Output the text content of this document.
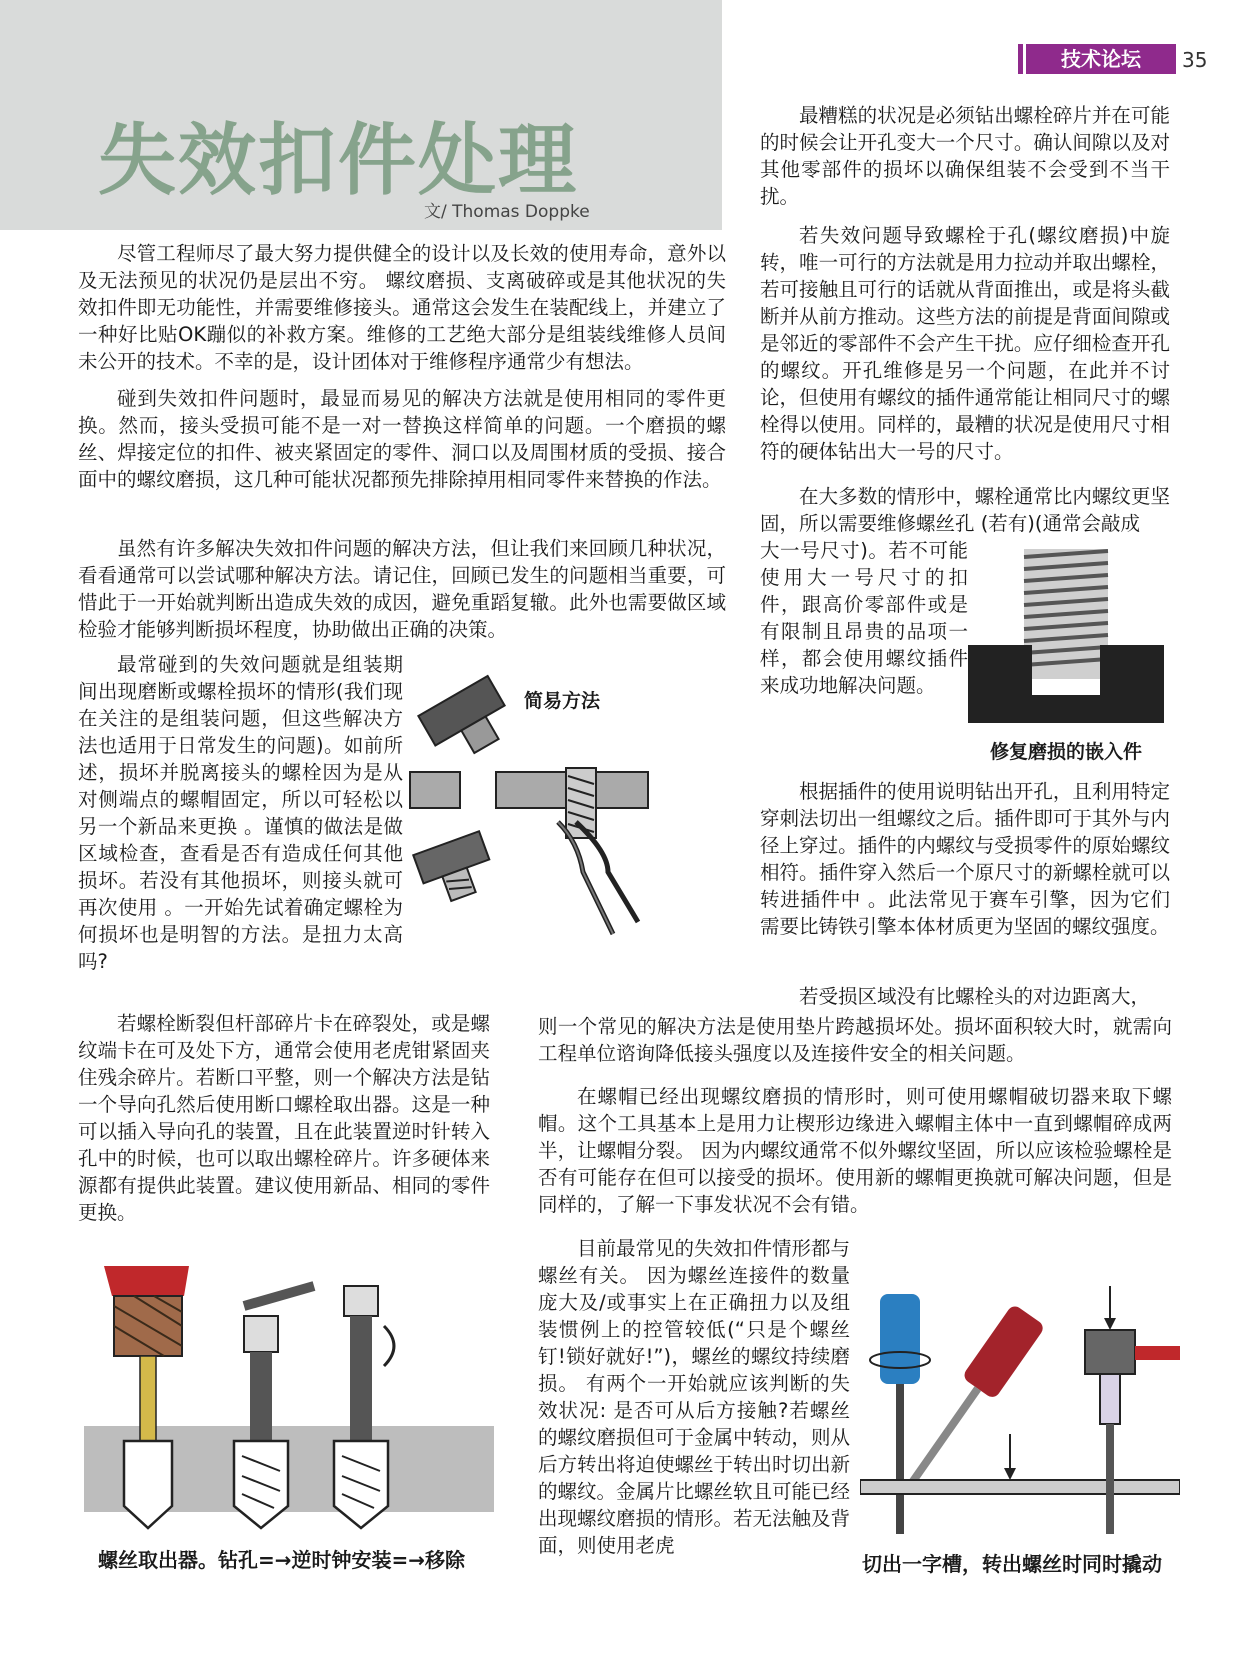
失效扣件处理
文/ Thomas Doppke
技术论坛	35

尽管工程师尽了最大努力提供健全的设计以及长效的使用寿命，意外以及无法预见的状况仍是层出不穷。 螺纹磨损、支离破碎或是其他状况的失效扣件即无功能性，并需要维修接头。通常这会发生在装配线上，并建立了一种好比贴OK蹦似的补救方案。维修的工艺绝大部分是组装线维修人员间未公开的技术。不幸的是，设计团体对于维修程序通常少有想法。

碰到失效扣件问题时，最显而易见的解决方法就是使用相同的零件更换。然而，接头受损可能不是一对一替换这样简单的问题。一个磨损的螺丝、焊接定位的扣件、被夹紧固定的零件、洞口以及周围材质的受损、接合面中的螺纹磨损，这几种可能状况都预先排除掉用相同零件来替换的作法。

虽然有许多解决失效扣件问题的解决方法，但让我们来回顾几种状况，看看通常可以尝试哪种解决方法。请记住，回顾已发生的问题相当重要，可惜此于一开始就判断出造成失效的成因，避免重蹈复辙。此外也需要做区域检验才能够判断损坏程度，协助做出正确的决策。

最常碰到的失效问题就是组装期间出现磨断或螺栓损坏的情形(我们现在关注的是组装问题，但这些解决方法也适用于日常发生的问题)。如前所述，损坏并脱离接头的螺栓因为是从对侧端点的螺帽固定，所以可轻松以另一个新品来更换 。谨慎的做法是做区域检查，查看是否有造成任何其他损坏。若没有其他损坏，则接头就可再次使用 。一开始先试着确定螺栓为何损坏也是明智的方法。是扭力太高吗?

若螺栓断裂但杆部碎片卡在碎裂处，或是螺纹端卡在可及处下方，通常会使用老虎钳紧固夹住残余碎片。若断口平整，则一个解决方法是钻一个导向孔然后使用断口螺栓取出器。这是一种可以插入导向孔的装置，且在此装置逆时针转入孔中的时候，也可以取出螺栓碎片。许多硬体来源都有提供此装置。建议使用新品、相同的零件更换。

最糟糕的状况是必须钻出螺栓碎片并在可能的时候会让开孔变大一个尺寸。确认间隙以及对其他零部件的损坏以确保组装不会受到不当干扰。

若失效问题导致螺栓于孔(螺纹磨损)中旋转，唯一可行的方法就是用力拉动并取出螺栓，若可接触且可行的话就从背面推出，或是将头截断并从前方推动。这些方法的前提是背面间隙或是邻近的零部件不会产生干扰。应仔细检查开孔的螺纹。开孔维修是另一个问题，在此并不讨论，但使用有螺纹的插件通常能让相同尺寸的螺栓得以使用。同样的，最糟的状况是使用尺寸相符的硬体钻出大一号的尺寸。

在大多数的情形中，螺栓通常比内螺纹更坚固，所以需要维修螺丝孔 (若有)(通常会敲成

大一号尺寸)。若不可能使用大一号尺寸的扣件，跟高价零部件或是有限制且昂贵的品项一样，都会使用螺纹插件来成功地解决问题。

根据插件的使用说明钻出开孔，且利用特定穿刺法切出一组螺纹之后。插件即可于其外与内径上穿过。插件的内螺纹与受损零件的原始螺纹相符。插件穿入然后一个原尺寸的新螺栓就可以转进插件中 。此法常见于赛车引擎，因为它们需要比铸铁引擎本体材质更为坚固的螺纹强度。

若受损区域没有比螺栓头的对边距离大，

则一个常见的解决方法是使用垫片跨越损坏处。损坏面积较大时，就需向工程单位谘询降低接头强度以及连接件安全的相关问题。

在螺帽已经出现螺纹磨损的情形时，则可使用螺帽破切器来取下螺帽。这个工具基本上是用力让楔形边缘进入螺帽主体中一直到螺帽碎成两半，让螺帽分裂。 因为内螺纹通常不似外螺纹坚固，所以应该检验螺栓是否有可能存在但可以接受的损坏。使用新的螺帽更换就可解决问题，但是同样的，了解一下事发状况不会有错。

目前最常见的失效扣件情形都与螺丝有关。 因为螺丝连接件的数量庞大及/或事实上在正确扭力以及组装惯例上的控管较低(“只是个螺丝钉!锁好就好!”)，螺丝的螺纹持续磨损。 有两个一开始就应该判断的失效状况: 是否可从后方接触?若螺丝的螺纹磨损但可于金属中转动，则从后方转出将迫使螺丝于转出时切出新的螺纹。金属片比螺丝软且可能已经出现螺纹磨损的情形。若无法触及背面，则使用老虎

简易方法
修复磨损的嵌入件
螺丝取出器。钻孔=→逆时钟安装=→移除	切出一字槽，转出螺丝时同时撬动
